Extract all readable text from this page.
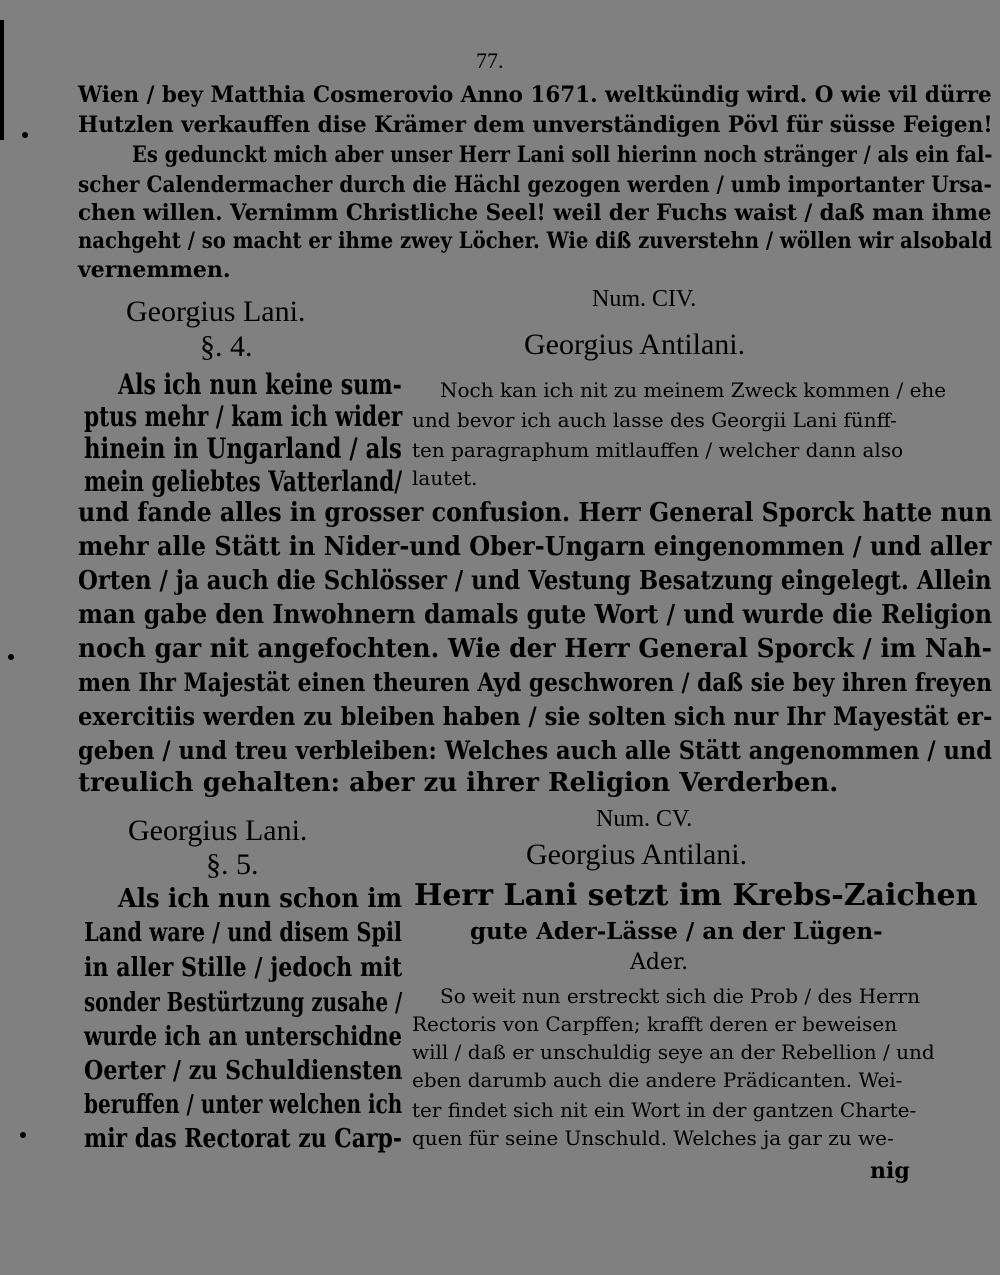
77.
Wien / bey Matthia Cosmerovio Anno 1671. weltkündig wird. O wie vil dürre
Hutzlen verkauffen dise Krämer dem unverständigen Pövl für süsse Feigen!
Es gedunckt mich aber unser Herr Lani soll hierinn noch stränger / als ein fal-
scher Calendermacher durch die Hächl gezogen werden / umb importanter Ursa-
chen willen. Vernimm Christliche Seel! weil der Fuchs waist / daß man ihme
nachgeht / so macht er ihme zwey Löcher. Wie diß zuverstehn / wöllen wir alsobald
vernemmen.
Georgius Lani.
§. 4.
Num. CIV.
Georgius Antilani.
Als ich nun keine sum-
ptus mehr / kam ich wider
hinein in Ungarland / als
mein geliebtes Vatterland/
Noch kan ich nit zu meinem Zweck kommen / ehe
und bevor ich auch lasse des Georgii Lani fünff-
ten paragraphum mitlauffen / welcher dann also
lautet.
und fande alles in grosser confusion. Herr General Sporck hatte nun
mehr alle Stätt in Nider-und Ober-Ungarn eingenommen / und aller
Orten / ja auch die Schlösser / und Vestung Besatzung eingelegt. Allein
man gabe den Inwohnern damals gute Wort / und wurde die Religion
noch gar nit angefochten. Wie der Herr General Sporck / im Nah-
men Ihr Majestät einen theuren Ayd geschworen / daß sie bey ihren freyen
exercitiis werden zu bleiben haben / sie solten sich nur Ihr Mayestät er-
geben / und treu verbleiben: Welches auch alle Stätt angenommen / und
treulich gehalten: aber zu ihrer Religion Verderben.
Georgius Lani.
§. 5.
Num. CV.
Georgius Antilani.
Herr Lani setzt im Krebs-Zaichen
gute Ader-Lässe / an der Lügen-
Ader.
Als ich nun schon im
Land ware / und disem Spil
in aller Stille / jedoch mit
sonder Bestürtzung zusahe /
wurde ich an unterschidne
Oerter / zu Schuldiensten
beruffen / unter welchen ich
mir das Rectorat zu Carp-
So weit nun erstreckt sich die Prob / des Herrn
Rectoris von Carpffen; krafft deren er beweisen
will / daß er unschuldig seye an der Rebellion / und
eben darumb auch die andere Prädicanten. Wei-
ter findet sich nit ein Wort in der gantzen Charte-
quen für seine Unschuld. Welches ja gar zu we-
nig
